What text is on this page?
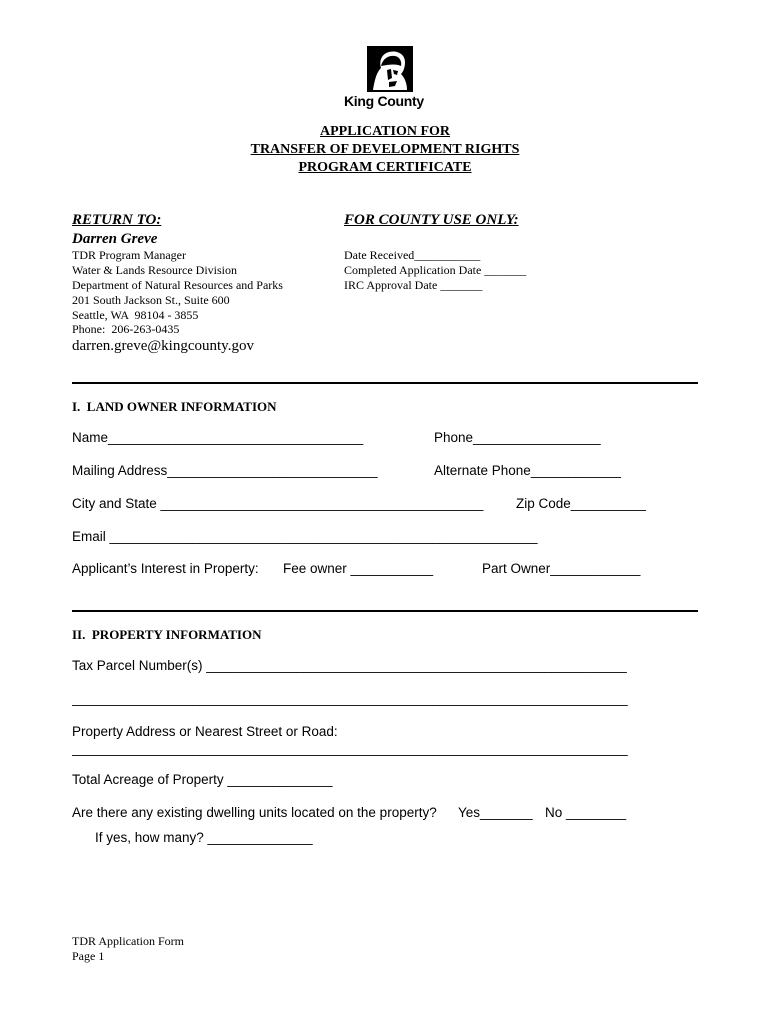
King County
APPLICATION FOR
TRANSFER OF DEVELOPMENT RIGHTS
PROGRAM CERTIFICATE
RETURN TO:
Darren Greve
TDR Program Manager
Water & Lands Resource Division
Department of Natural Resources and Parks
201 South Jackson St., Suite 600
Seattle, WA  98104 - 3855
Phone:  206-263-0435
darren.greve@kingcounty.gov
FOR COUNTY USE ONLY:
Date Received___________
Completed Application Date _______
IRC Approval Date _______
I.  LAND OWNER INFORMATION
Name__________________________________	Phone_________________
Mailing Address____________________________	Alternate Phone____________
City and State ___________________________________________ Zip Code__________
Email _________________________________________________________
Applicant’s Interest in Property: Fee owner ___________	Part Owner____________
II.  PROPERTY INFORMATION
Tax Parcel Number(s) ________________________________________________________
__________________________________________________________________________
Property Address or Nearest Street or Road:
__________________________________________________________________________
Total Acreage of Property ______________
Are there any existing dwelling units located on the property? Yes_______ No ________
If yes, how many? ______________
TDR Application Form
Page 1
